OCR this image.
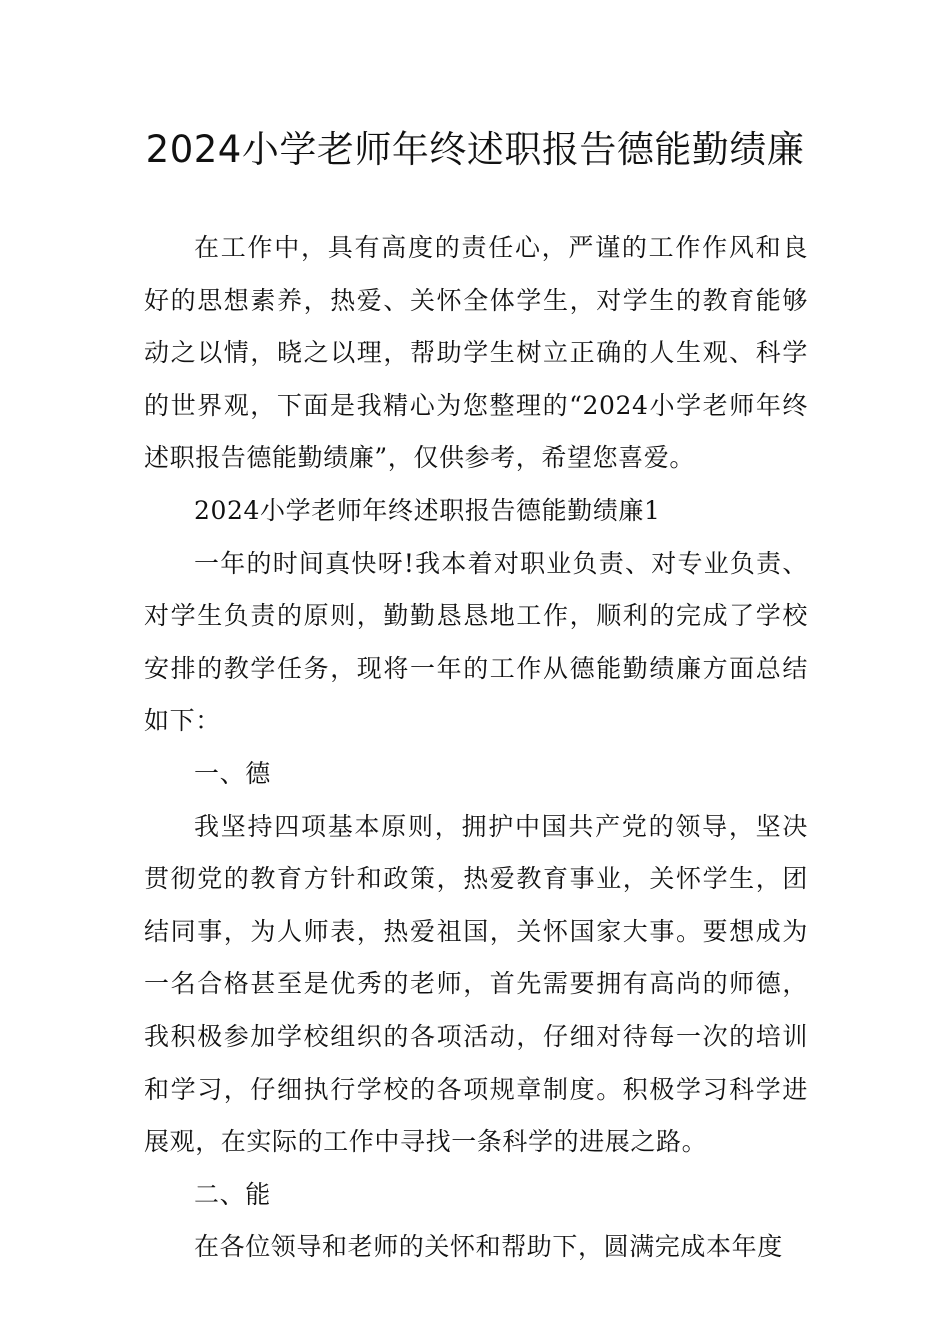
2024小学老师年终述职报告德能勤绩廉

在工作中，具有高度的责任心，严谨的工作作风和良好的思想素养，热爱、关怀全体学生，对学生的教育能够动之以情，晓之以理，帮助学生树立正确的人生观、科学的世界观，下面是我精心为您整理的“2024小学老师年终述职报告德能勤绩廉”，仅供参考，希望您喜爱。

2024小学老师年终述职报告德能勤绩廉1

一年的时间真快呀!我本着对职业负责、对专业负责、对学生负责的原则，勤勤恳恳地工作，顺利的完成了学校安排的教学任务，现将一年的工作从德能勤绩廉方面总结如下：

一、德

我坚持四项基本原则，拥护中国共产党的领导，坚决贯彻党的教育方针和政策，热爱教育事业，关怀学生，团结同事，为人师表，热爱祖国，关怀国家大事。要想成为一名合格甚至是优秀的老师，首先需要拥有高尚的师德，我积极参加学校组织的各项活动，仔细对待每一次的培训和学习，仔细执行学校的各项规章制度。积极学习科学进展观，在实际的工作中寻找一条科学的进展之路。

二、能

在各位领导和老师的关怀和帮助下，圆满完成本年度
